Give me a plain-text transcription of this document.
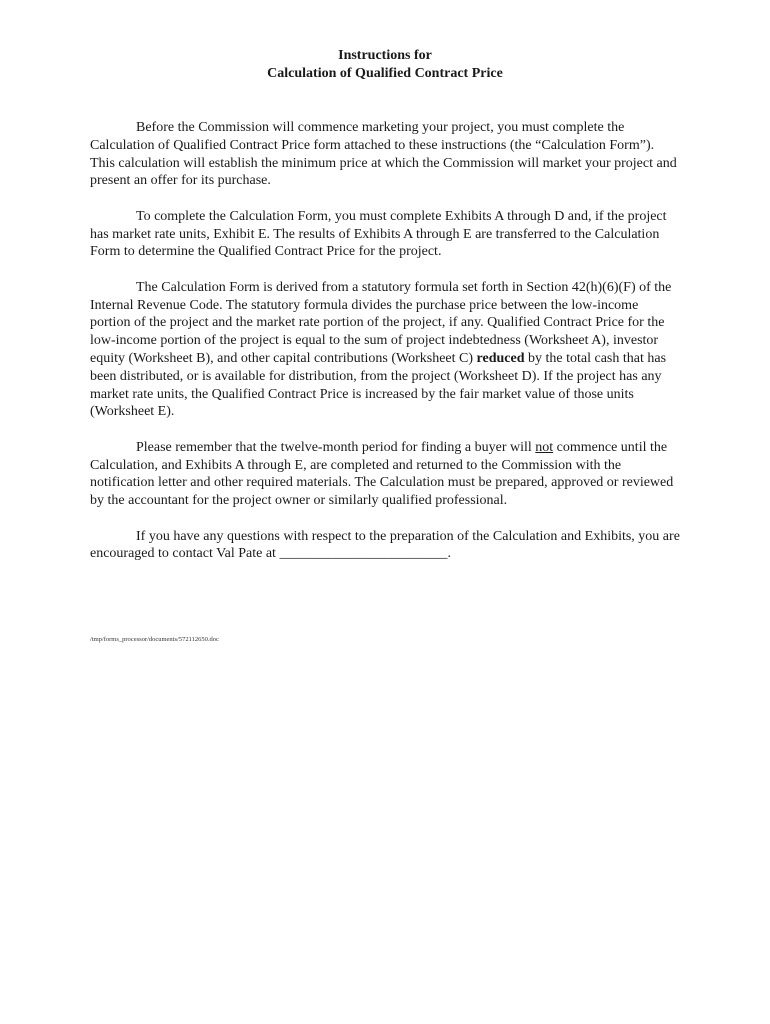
Instructions for
Calculation of Qualified Contract Price

Before the Commission will commence marketing your project, you must complete the Calculation of Qualified Contract Price form attached to these instructions (the “Calculation Form”). This calculation will establish the minimum price at which the Commission will market your project and present an offer for its purchase.

To complete the Calculation Form, you must complete Exhibits A through D and, if the project has market rate units, Exhibit E. The results of Exhibits A through E are transferred to the Calculation Form to determine the Qualified Contract Price for the project.

The Calculation Form is derived from a statutory formula set forth in Section 42(h)(6)(F) of the Internal Revenue Code. The statutory formula divides the purchase price between the low-income portion of the project and the market rate portion of the project, if any. Qualified Contract Price for the low-income portion of the project is equal to the sum of project indebtedness (Worksheet A), investor equity (Worksheet B), and other capital contributions (Worksheet C) reduced by the total cash that has been distributed, or is available for distribution, from the project (Worksheet D). If the project has any market rate units, the Qualified Contract Price is increased by the fair market value of those units (Worksheet E).

Please remember that the twelve-month period for finding a buyer will not commence until the Calculation, and Exhibits A through E, are completed and returned to the Commission with the notification letter and other required materials. The Calculation must be prepared, approved or reviewed by the accountant for the project owner or similarly qualified professional.

If you have any questions with respect to the preparation of the Calculation and Exhibits, you are encouraged to contact Val Pate at ________________________.

/tmp/forms_processor/documents/572112650.doc
